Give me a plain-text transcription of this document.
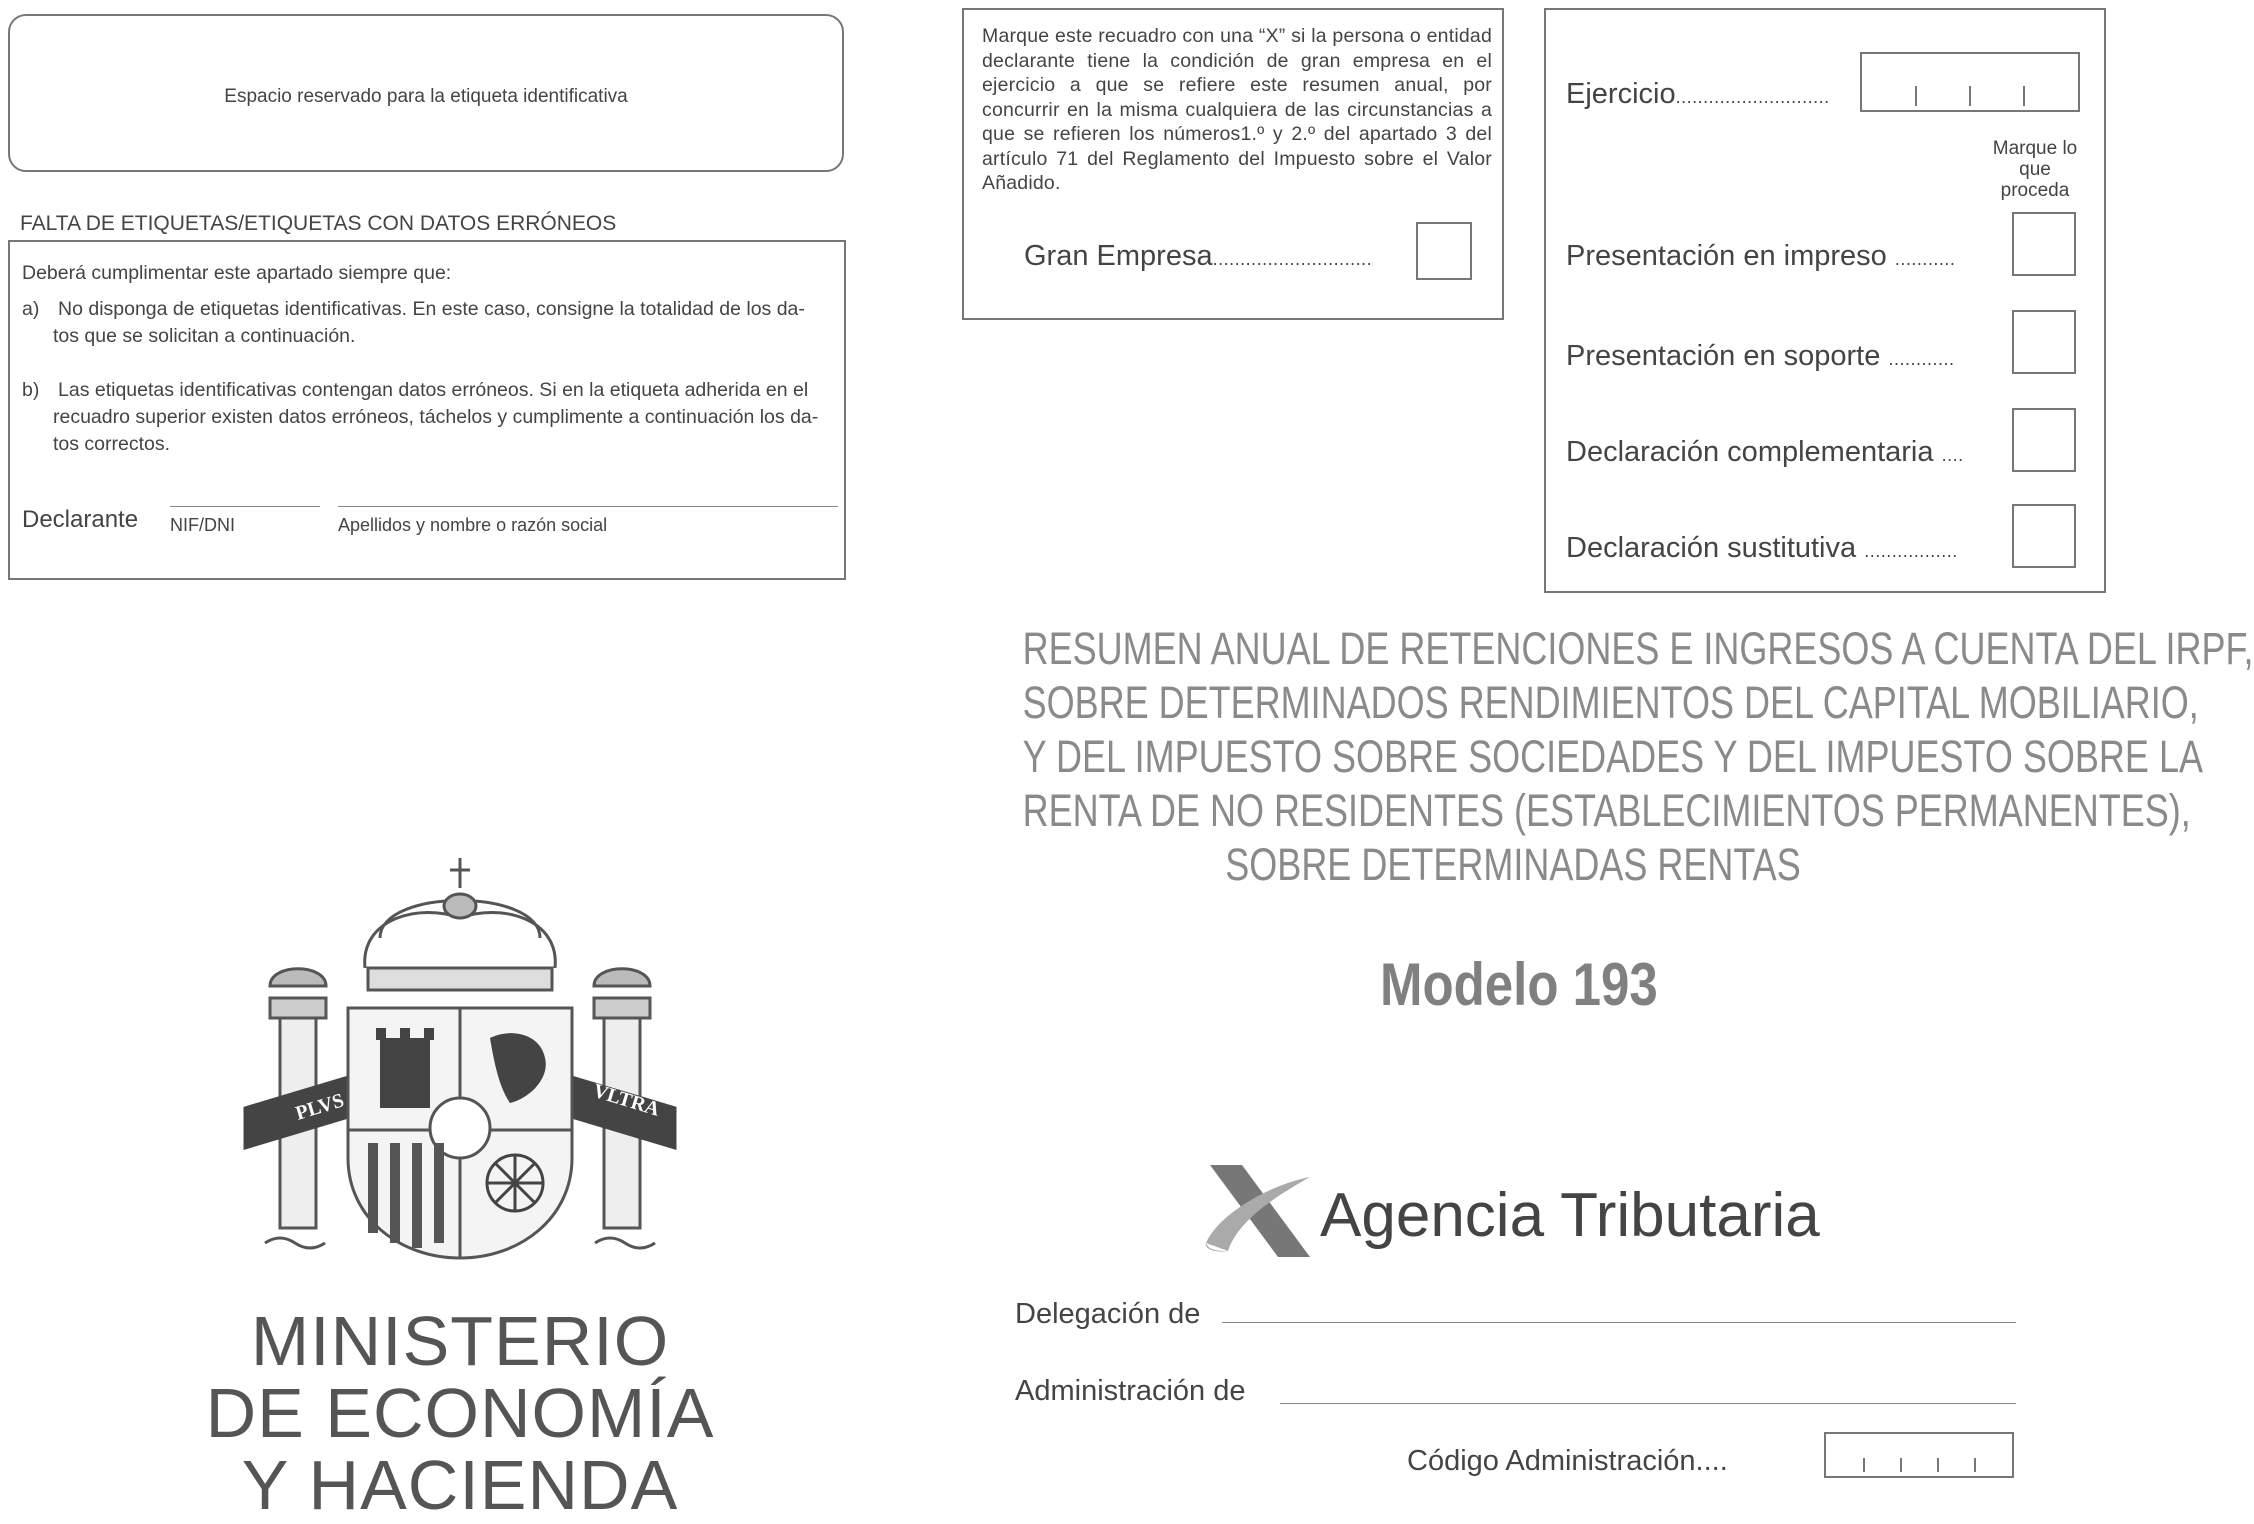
Espacio reservado para la etiqueta identificativa
FALTA DE ETIQUETAS/ETIQUETAS CON DATOS ERRÓNEOS
Deberá cumplimentar este apartado siempre que:
a) No disponga de etiquetas identificativas. En este caso, consigne la totalidad de los da-
tos que se solicitan a continuación.
b) Las etiquetas identificativas contengan datos erróneos. Si en la etiqueta adherida en el
recuadro superior existen datos erróneos, táchelos y cumplimente a continuación los da-
tos correctos.
Declarante NIF/DNI	Apellidos y nombre o razón social
Marque este recuadro con una “X” si la persona o entidad declarante tiene la condición de gran empresa en el ejercicio a que se refiere este resumen anual, por concurrir en la misma cualquiera de las circunstancias a que se refieren los números1.º y 2.º del apartado 3 del artículo 71 del Reglamento del Impuesto sobre el Valor Añadido.
Gran Empresa.............................
Ejercicio............................
Marque lo que proceda
Presentación en impreso ...........
Presentación en soporte ............
Declaración complementaria ....
Declaración sustitutiva .................
RESUMEN ANUAL DE RETENCIONES E INGRESOS A CUENTA DEL IRPF,
SOBRE DETERMINADOS RENDIMIENTOS DEL CAPITAL MOBILIARIO,
Y DEL IMPUESTO SOBRE SOCIEDADES Y DEL IMPUESTO SOBRE LA
RENTA DE NO RESIDENTES (ESTABLECIMIENTOS PERMANENTES),
SOBRE DETERMINADAS RENTAS
Modelo 193
Agencia Tributaria
PLVS	VLTRA
MINISTERIO
DE ECONOMÍA
Y HACIENDA
Delegación de
Administración de
Código Administración....
